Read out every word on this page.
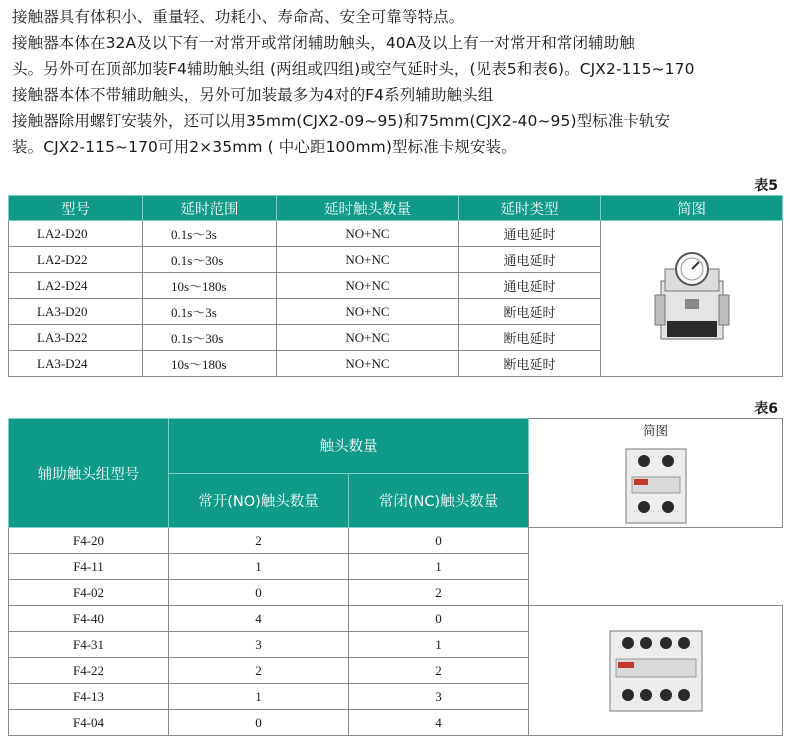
接触器具有体积小、重量轻、功耗小、寿命高、安全可靠等特点。

接触器本体在32A及以下有一对常开或常闭辅助触头，40A及以上有一对常开和常闭辅助触

头。另外可在顶部加装F4辅助触头组 (两组或四组)或空气延时头，(见表5和表6)。CJX2-115~170

接触器本体不带辅助触头，另外可加装最多为4对的F4系列辅助触头组

接触器除用螺钉安装外，还可以用35mm(CJX2-09~95)和75mm(CJX2-40~95)型标准卡轨安

装。CJX2-115~170可用2×35mm ( 中心距100mm)型标准卡规安装。

表5
型号	延时范围	延时触头数量	延时类型	简图
LA2-D20	0.1s～3s	NO+NC	通电延时	

LA2-D22	0.1s～30s	NO+NC	通电延时	
LA2-D24	10s～180s	NO+NC	通电延时	
LA3-D20	0.1s～3s	NO+NC	断电延时	
LA3-D22	0.1s～30s	NO+NC	断电延时	
LA3-D24	10s～180s	NO+NC	断电延时	
表6
辅助触头组型号	触头数量		简图

	常开(NO)触头数量	常闭(NC)触头数量	
F4-20	2	0	
F4-11	1	1	
F4-02	0	2	
F4-40	4	0	

F4-31	3	1	
F4-22	2	2	
F4-13	1	3	
F4-04	0	4	
